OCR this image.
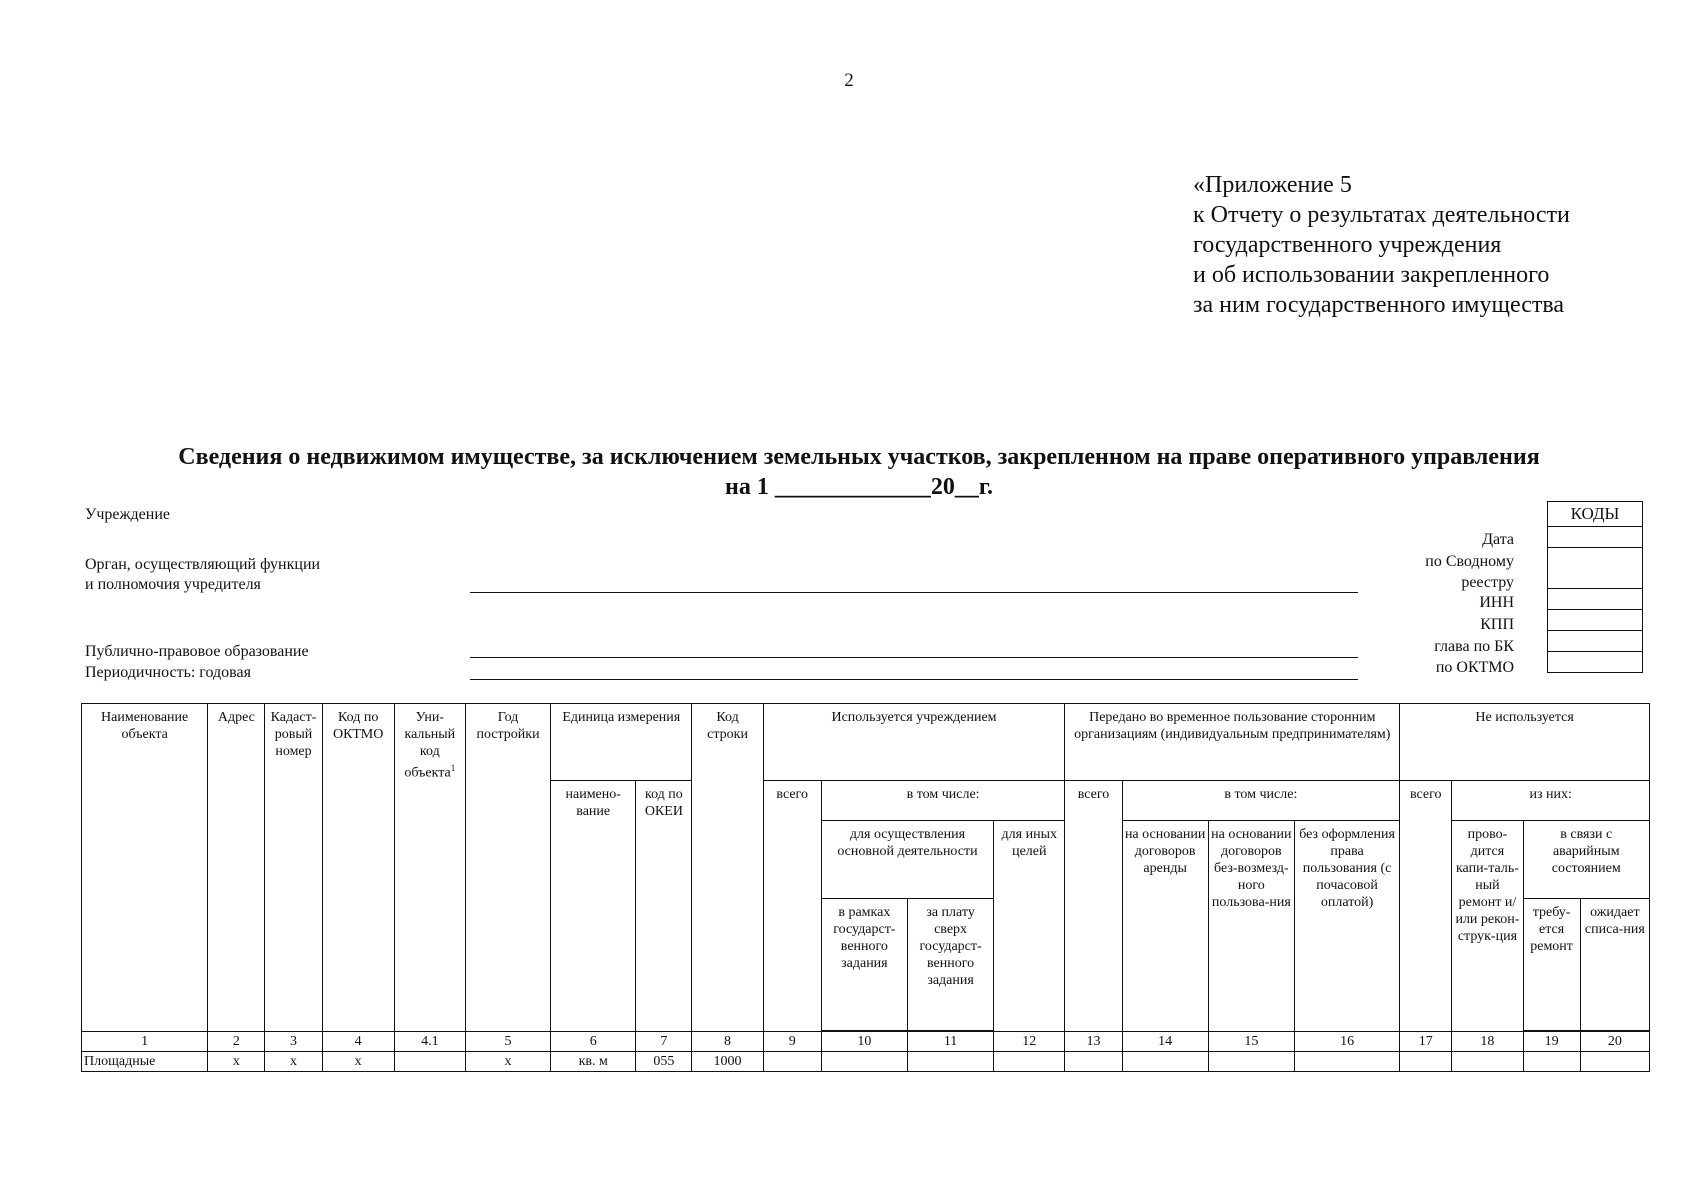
2
«Приложение 5
к Отчету о результатах деятельности
государственного учреждения
и об использовании закрепленного
за ним государственного имущества
Сведения о недвижимом имуществе, за исключением земельных участков, закрепленном на праве оперативного управления
на 1 _____________20__г.
Учреждение
Орган, осуществляющий функции
и полномочия учредителя
Публично-правовое образование
Периодичность: годовая
Дата
по Сводному
реестру
ИНН
КПП
глава по БК
по ОКТМО
КОДЫ

Наименование объекта	Адрес	Кадаст-ровый номер	Код по ОКТМО	Уни-кальный код объекта$^1$	Год постройки	Единица измерения		Код строки	Используется учреждением				Передано во временное пользование сторонним организациям (индивидуальным предпринимателям)				Не используется			
						наимено-вание	код по ОКЕИ		всего	в том числе:			всего	в том числе:			всего	из них:		
										для осуществления основной деятельности		для иных целей		на основании договоров аренды	на основании договоров без-возмезд-ного пользова-ния	без оформления права пользования (с почасовой оплатой)		прово-дится капи-таль-ный ремонт и/или рекон-струк-ция	в связи с аварийным состоянием	
										в рамках государст-венного задания	за плату сверх государст-венного задания								требу-ется ремонт	ожидает списа-ния

1	2	3	4	4.1	5	6	7	8	9	10	11	12	13	14	15	16	17	18	19	20
Площадные	x	x	x		x	кв. м	055	1000												
